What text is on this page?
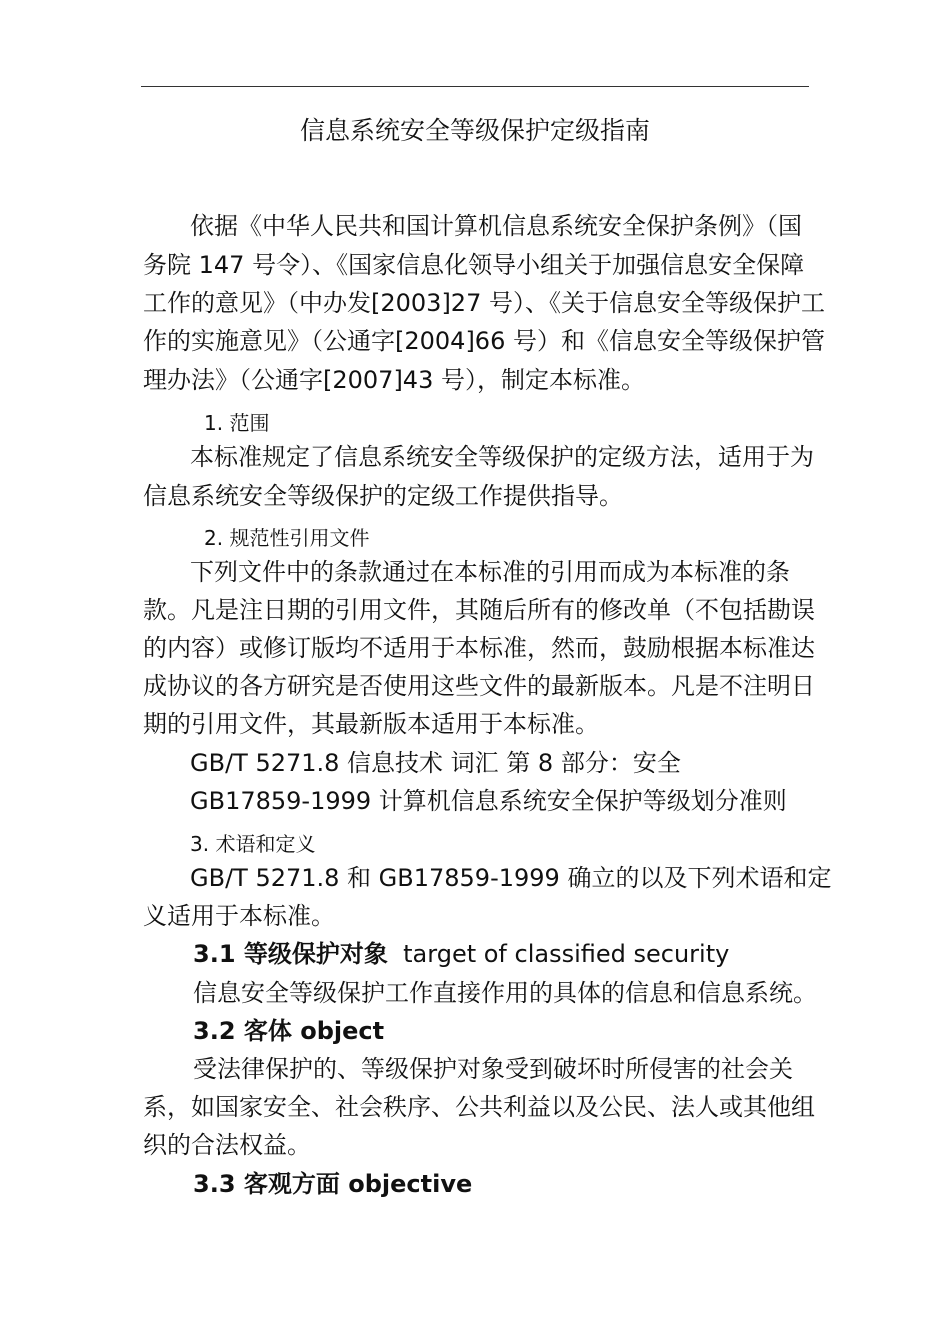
信息系统安全等级保护定级指南
依据《中华人民共和国计算机信息系统安全保护条例》（国
务院 147 号令）、《国家信息化领导小组关于加强信息安全保障
工作的意见》（中办发[2003]27 号）、《关于信息安全等级保护工
作的实施意见》（公通字[2004]66 号）和《信息安全等级保护管
理办法》（公通字[2007]43 号），制定本标准。
1. 范围
本标准规定了信息系统安全等级保护的定级方法，适用于为
信息系统安全等级保护的定级工作提供指导。
2. 规范性引用文件
下列文件中的条款通过在本标准的引用而成为本标准的条
款。凡是注日期的引用文件，其随后所有的修改单（不包括勘误
的内容）或修订版均不适用于本标准，然而，鼓励根据本标准达
成协议的各方研究是否使用这些文件的最新版本。凡是不注明日
期的引用文件，其最新版本适用于本标准。
GB/T 5271.8 信息技术 词汇 第 8 部分：安全
GB17859-1999 计算机信息系统安全保护等级划分准则
3. 术语和定义
GB/T 5271.8 和 GB17859-1999 确立的以及下列术语和定
义适用于本标准。
3.1 等级保护对象 target of classified security
信息安全等级保护工作直接作用的具体的信息和信息系统。
3.2 客体 object
受法律保护的、等级保护对象受到破坏时所侵害的社会关
系，如国家安全、社会秩序、公共利益以及公民、法人或其他组
织的合法权益。
3.3 客观方面 objective
